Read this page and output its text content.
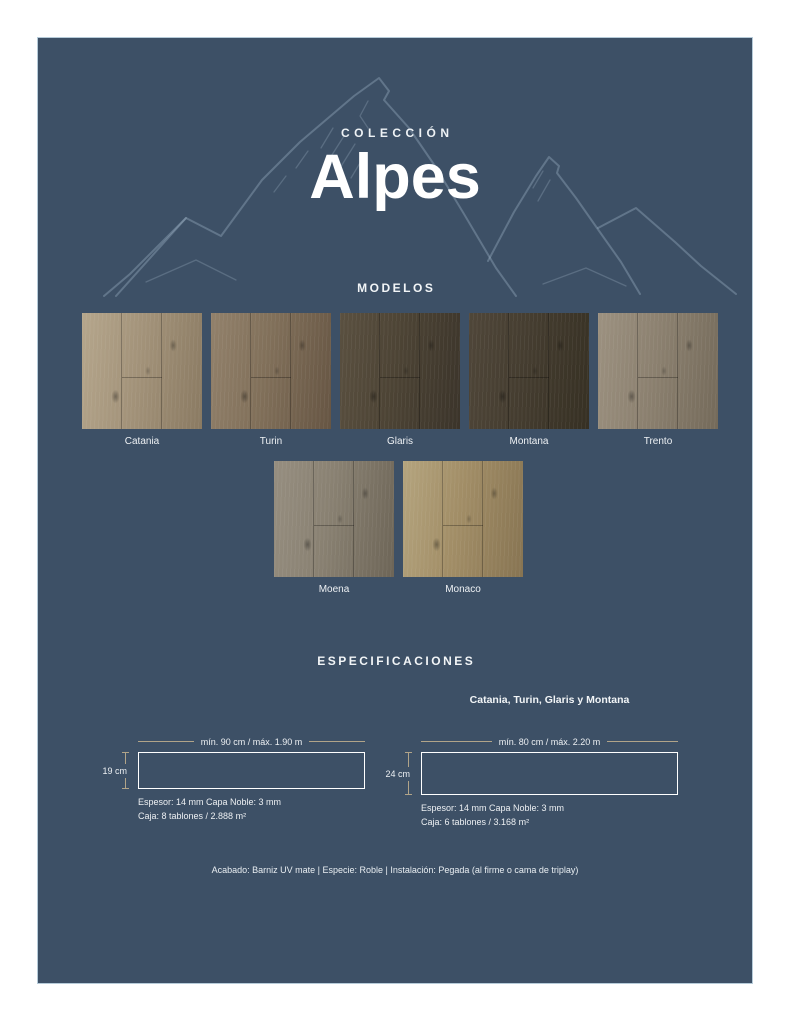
COLECCIÓN
Alpes
MODELOS
Catania	Turin	Glaris	Montana	Trento
Moena	Monaco
ESPECIFICACIONES
Catania, Turin, Glaris y Montana
mín. 90 cm / máx. 1.90 m
19 cm
Espesor: 14 mm Capa Noble: 3 mm
Caja: 8 tablones / 2.888 m²
mín. 80 cm / máx. 2.20 m
24 cm
Espesor: 14 mm Capa Noble: 3 mm
Caja: 6 tablones / 3.168 m²
Acabado: Barniz UV mate | Especie: Roble | Instalación: Pegada (al firme o cama de triplay)
